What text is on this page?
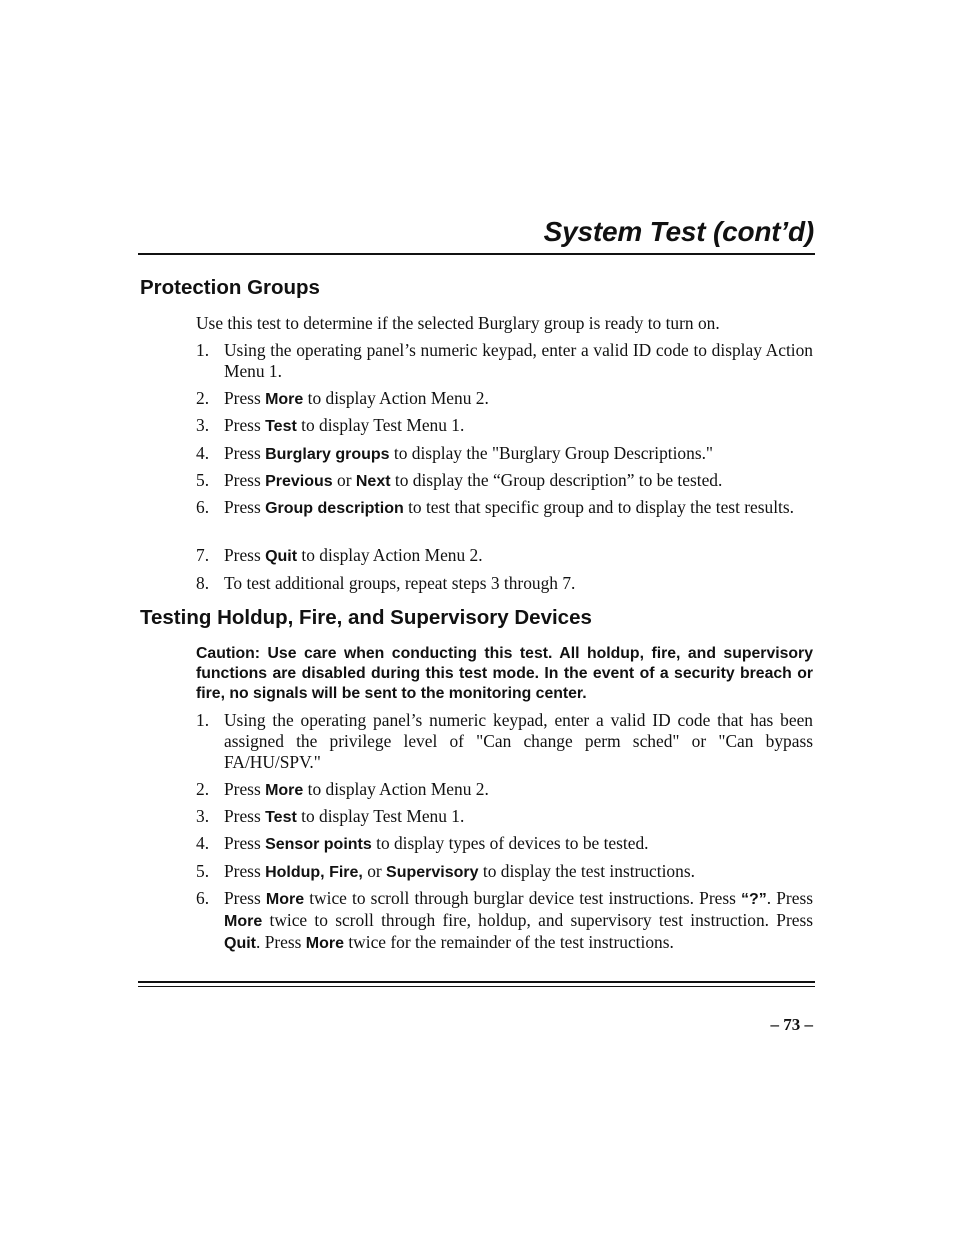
System Test (cont’d)
Protection Groups

Use this test to determine if the selected Burglary group is ready to turn on.

1. Using the operating panel’s numeric keypad, enter a valid ID code to display Action Menu 1.
2. Press More to display Action Menu 2.
3. Press Test to display Test Menu 1.
4. Press Burglary groups to display the "Burglary Group Descriptions."
5. Press Previous or Next to display the “Group description” to be tested.
6. Press Group description to test that specific group and to display the test results.
7. Press Quit to display Action Menu 2.
8. To test additional groups, repeat steps 3 through 7.
Testing Holdup, Fire, and Supervisory Devices

Caution: Use care when conducting this test. All holdup, fire, and supervisory functions are disabled during this test mode. In the event of a security breach or fire, no signals will be sent to the monitoring center.

1. Using the operating panel’s numeric keypad, enter a valid ID code that has been assigned the privilege level of "Can change perm sched" or "Can bypass FA/HU/SPV."
2. Press More to display Action Menu 2.
3. Press Test to display Test Menu 1.
4. Press Sensor points to display types of devices to be tested.
5. Press Holdup, Fire, or Supervisory to display the test instructions.
6. Press More twice to scroll through burglar device test instructions. Press “?”. Press More twice to scroll through fire, holdup, and supervisory test instruction. Press Quit. Press More twice for the remainder of the test instructions.
– 73 –
